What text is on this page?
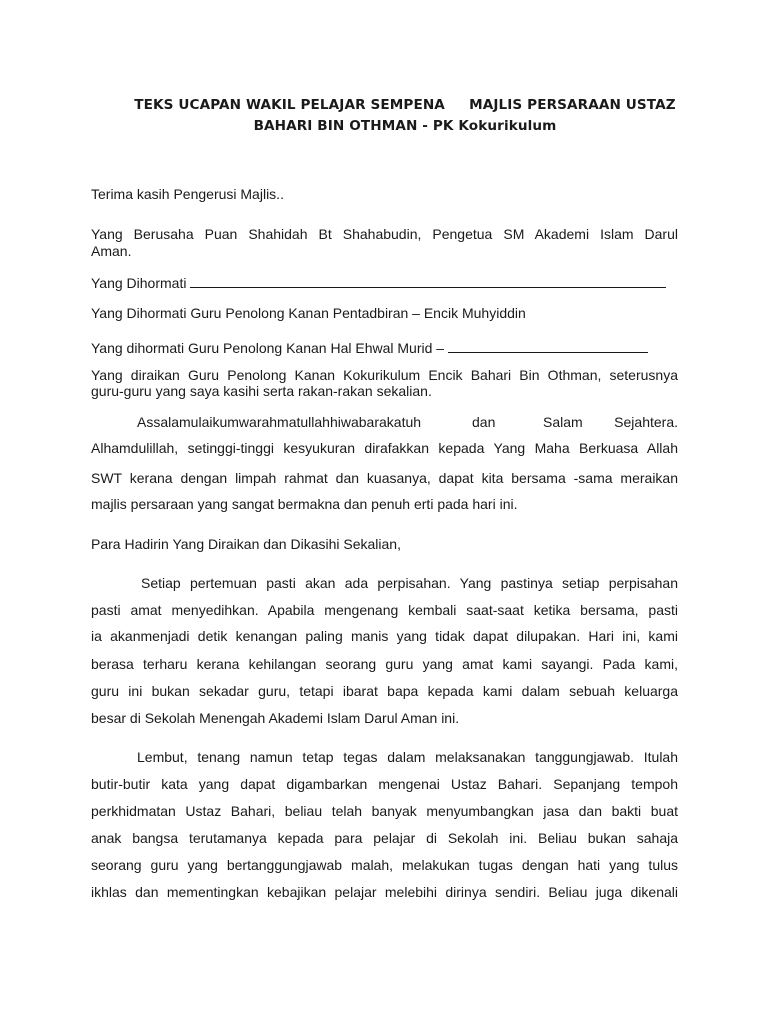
TEKS UCAPAN WAKIL PELAJAR SEMPENA     MAJLIS PERSARAAN USTAZ
BAHARI BIN OTHMAN - PK Kokurikulum
Terima kasih Pengerusi Majlis..
Yang Berusaha Puan Shahidah Bt Shahabudin, Pengetua SM Akademi Islam Darul
Aman.
Yang Dihormati
Yang Dihormati Guru Penolong Kanan Pentadbiran – Encik Muhyiddin
Yang dihormati Guru Penolong Kanan Hal Ehwal Murid –
Yang diraikan Guru Penolong Kanan Kokurikulum Encik Bahari Bin Othman, seterusnya
guru-guru yang saya kasihi serta rakan-rakan sekalian.
Assalamulaikumwarahmatullahhiwabarakatuh	dan	Salam Sejahtera.
Alhamdulillah, setinggi-tinggi kesyukuran dirafakkan kepada Yang Maha Berkuasa Allah
SWT kerana dengan limpah rahmat dan kuasanya, dapat kita bersama -sama meraikan
majlis persaraan yang sangat bermakna dan penuh erti pada hari ini.
Para Hadirin Yang Diraikan dan Dikasihi Sekalian,
Setiap pertemuan pasti akan ada perpisahan. Yang pastinya setiap perpisahan
pasti amat menyedihkan. Apabila mengenang kembali saat-saat ketika bersama, pasti
ia akanmenjadi detik kenangan paling manis yang tidak dapat dilupakan. Hari ini, kami
berasa terharu kerana kehilangan seorang guru yang amat kami sayangi. Pada kami,
guru ini bukan sekadar guru, tetapi ibarat bapa kepada kami dalam sebuah keluarga
besar di Sekolah Menengah Akademi Islam Darul Aman ini.
Lembut, tenang namun tetap tegas dalam melaksanakan tanggungjawab. Itulah
butir-butir kata yang dapat digambarkan mengenai Ustaz Bahari. Sepanjang tempoh
perkhidmatan Ustaz Bahari, beliau telah banyak menyumbangkan jasa dan bakti buat
anak bangsa terutamanya kepada para pelajar di Sekolah ini. Beliau bukan sahaja
seorang guru yang bertanggungjawab malah, melakukan tugas dengan hati yang tulus
ikhlas dan mementingkan kebajikan pelajar melebihi dirinya sendiri. Beliau juga dikenali
